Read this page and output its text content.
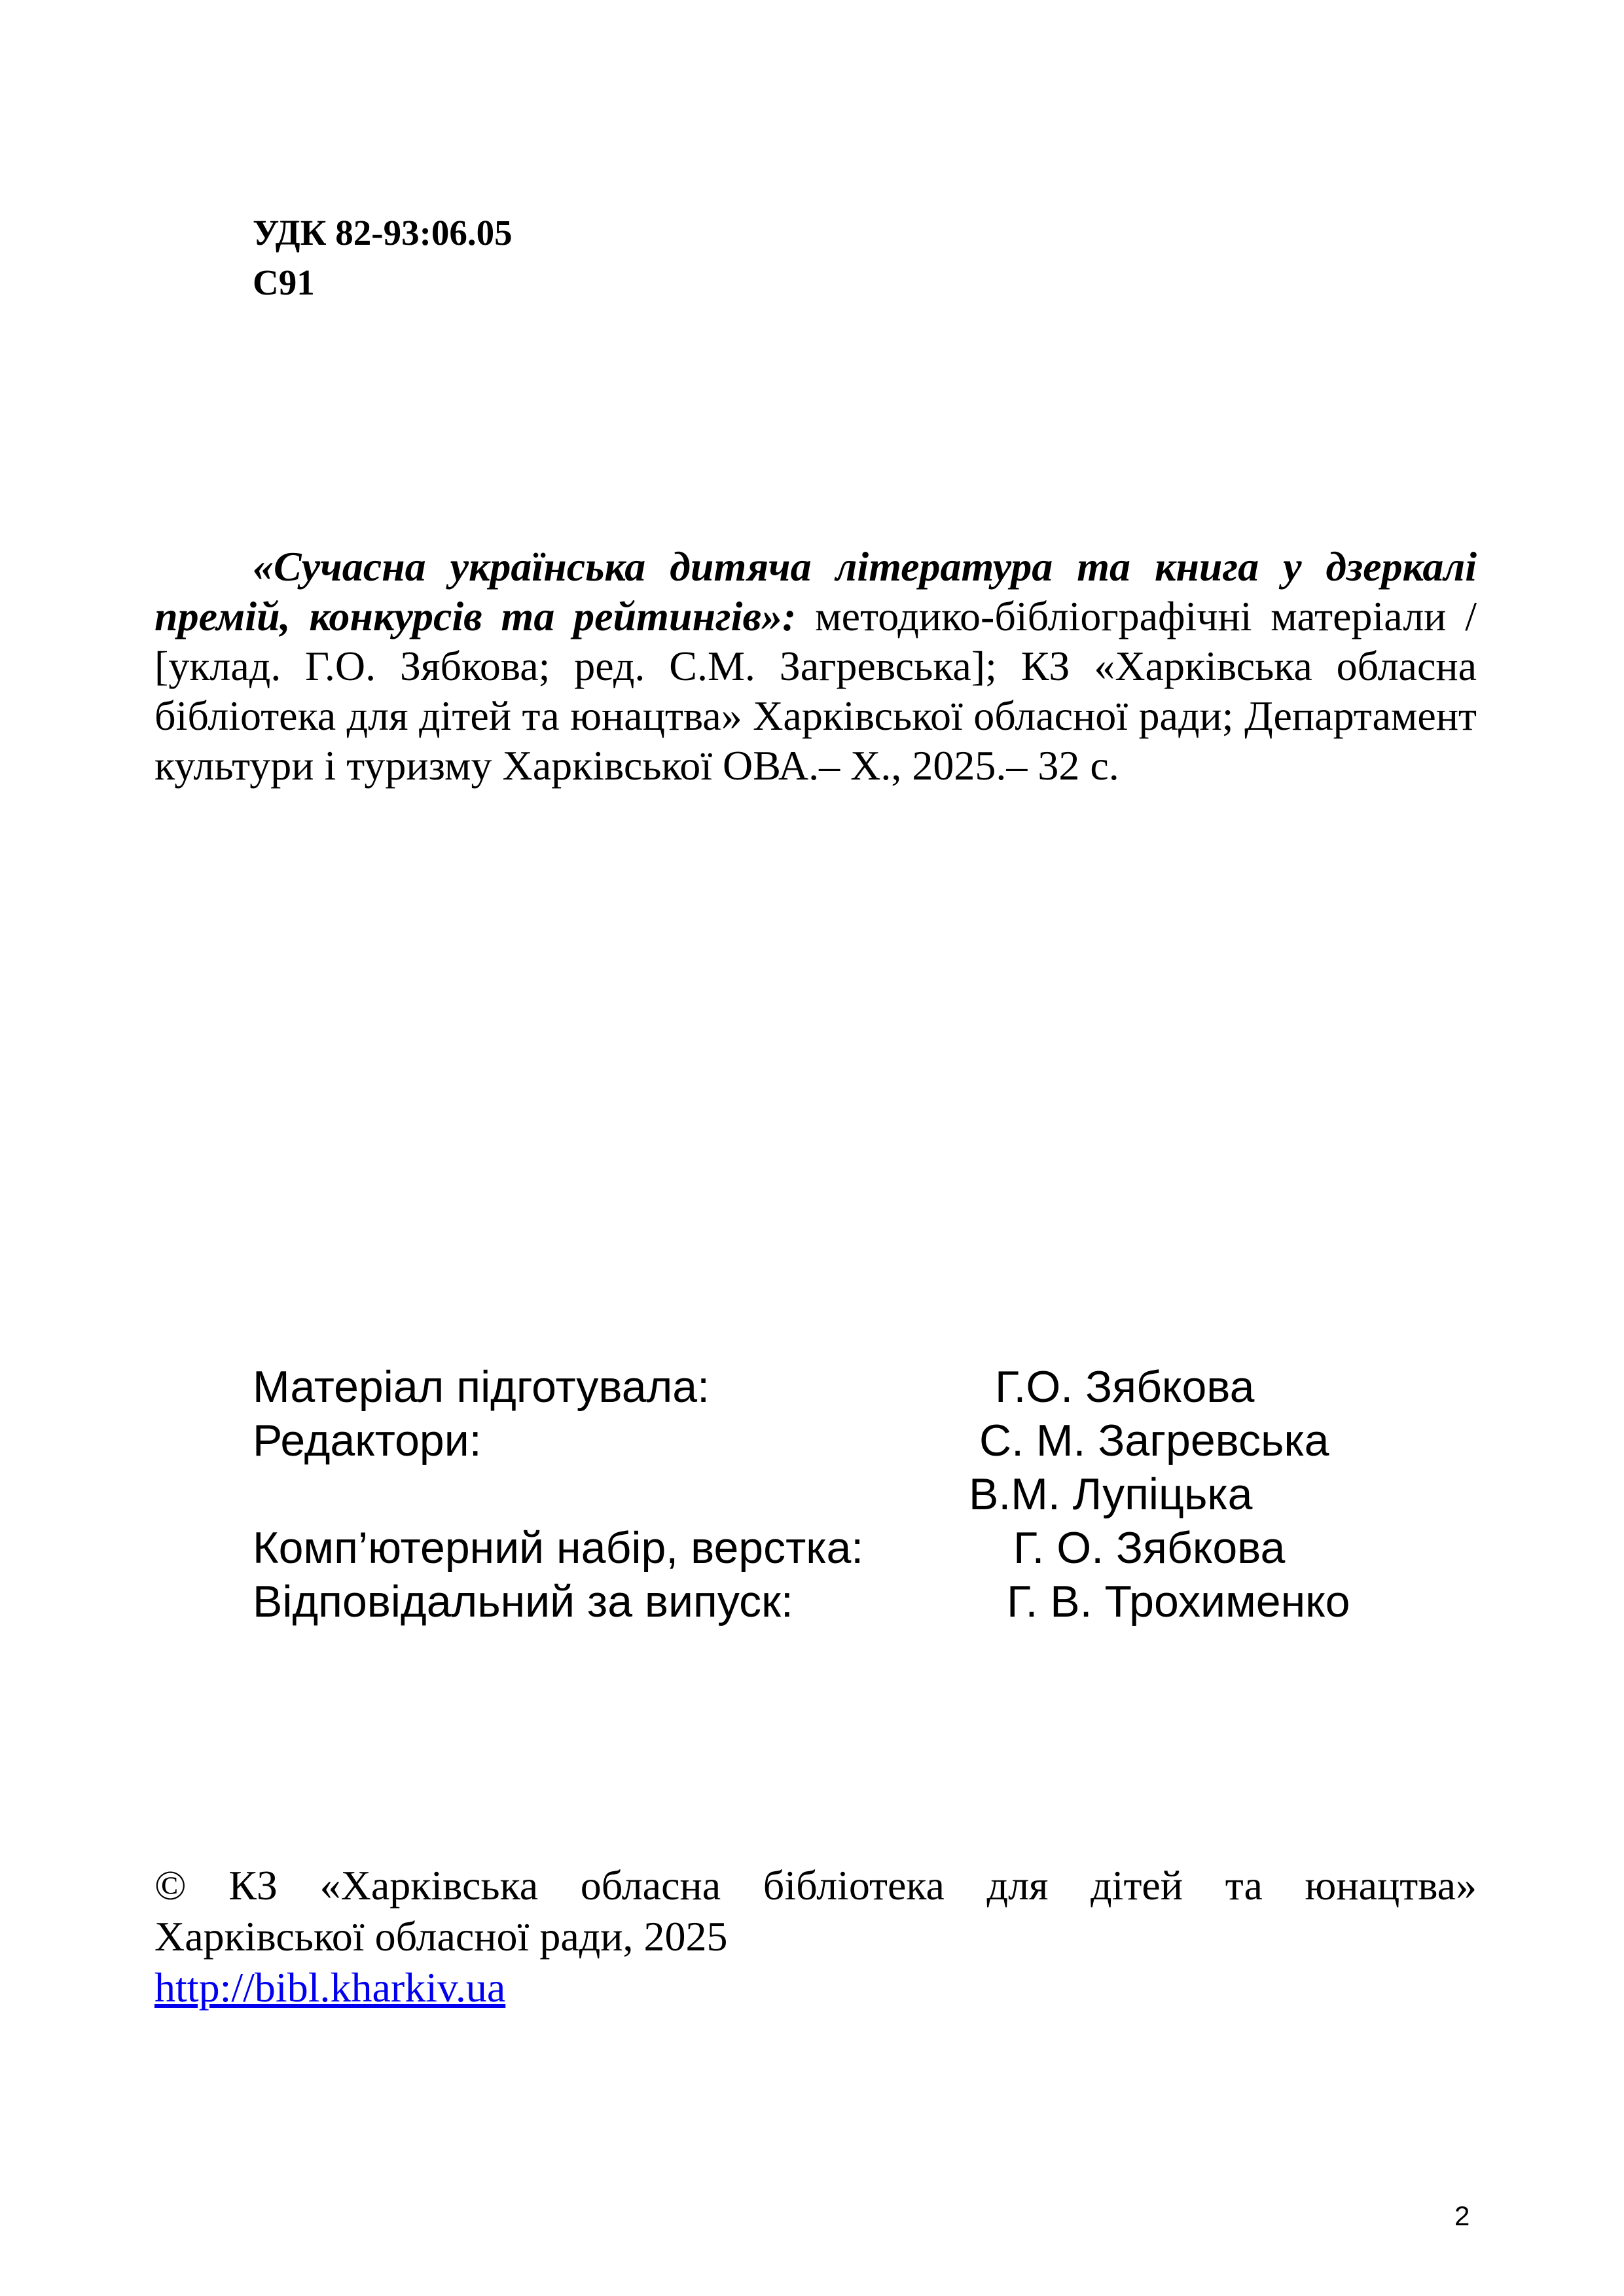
УДК 82-93:06.05
С91
«Сучасна українська дитяча література та книга у дзеркалі премій, конкурсів та рейтингів»: методико-бібліографічні матеріали / [уклад. Г.О. Зябкова; ред. С.М. Загревська]; КЗ «Харківська обласна бібліотека для дітей та юнацтва» Харківської обласної ради; Департамент культури і туризму Харківської ОВА.– Х., 2025.– 32 с.
Матеріал підготувала:	Г.О. Зябкова
Редактори:	С. М. Загревська
В.М. Лупіцька
Комп’ютерний набір, верстка:	Г. О. Зябкова
Відповідальний за випуск:	Г. В. Трохименко
© КЗ «Харківська обласна бібліотека для дітей та юнацтва»
Харківської обласної ради, 2025
http://bibl.kharkiv.ua
2
